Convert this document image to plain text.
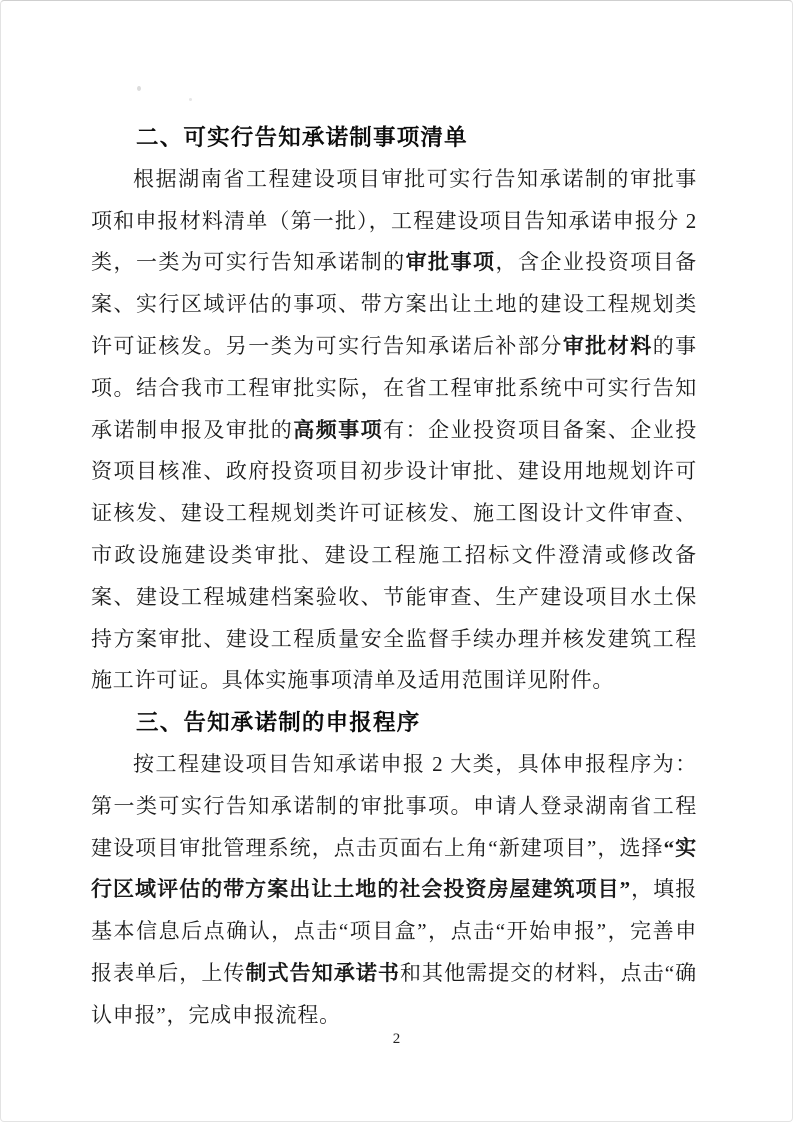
二、可实行告知承诺制事项清单

根据湖南省工程建设项目审批可实行告知承诺制的审批事项和申报材料清单（第一批），工程建设项目告知承诺申报分 2 类，一类为可实行告知承诺制的审批事项，含企业投资项目备案、实行区域评估的事项、带方案出让土地的建设工程规划类许可证核发。另一类为可实行告知承诺后补部分审批材料的事项。结合我市工程审批实际，在省工程审批系统中可实行告知承诺制申报及审批的高频事项有：企业投资项目备案、企业投资项目核准、政府投资项目初步设计审批、建设用地规划许可证核发、建设工程规划类许可证核发、施工图设计文件审查、市政设施建设类审批、建设工程施工招标文件澄清或修改备案、建设工程城建档案验收、节能审查、生产建设项目水土保持方案审批、建设工程质量安全监督手续办理并核发建筑工程施工许可证。具体实施事项清单及适用范围详见附件。

三、告知承诺制的申报程序

按工程建设项目告知承诺申报 2 大类，具体申报程序为：第一类可实行告知承诺制的审批事项。申请人登录湖南省工程建设项目审批管理系统，点击页面右上角“新建项目”，选择“实行区域评估的带方案出让土地的社会投资房屋建筑项目”，填报基本信息后点确认，点击“项目盒”，点击“开始申报”，完善申报表单后，上传制式告知承诺书和其他需提交的材料，点击“确认申报”，完成申报流程。

2
